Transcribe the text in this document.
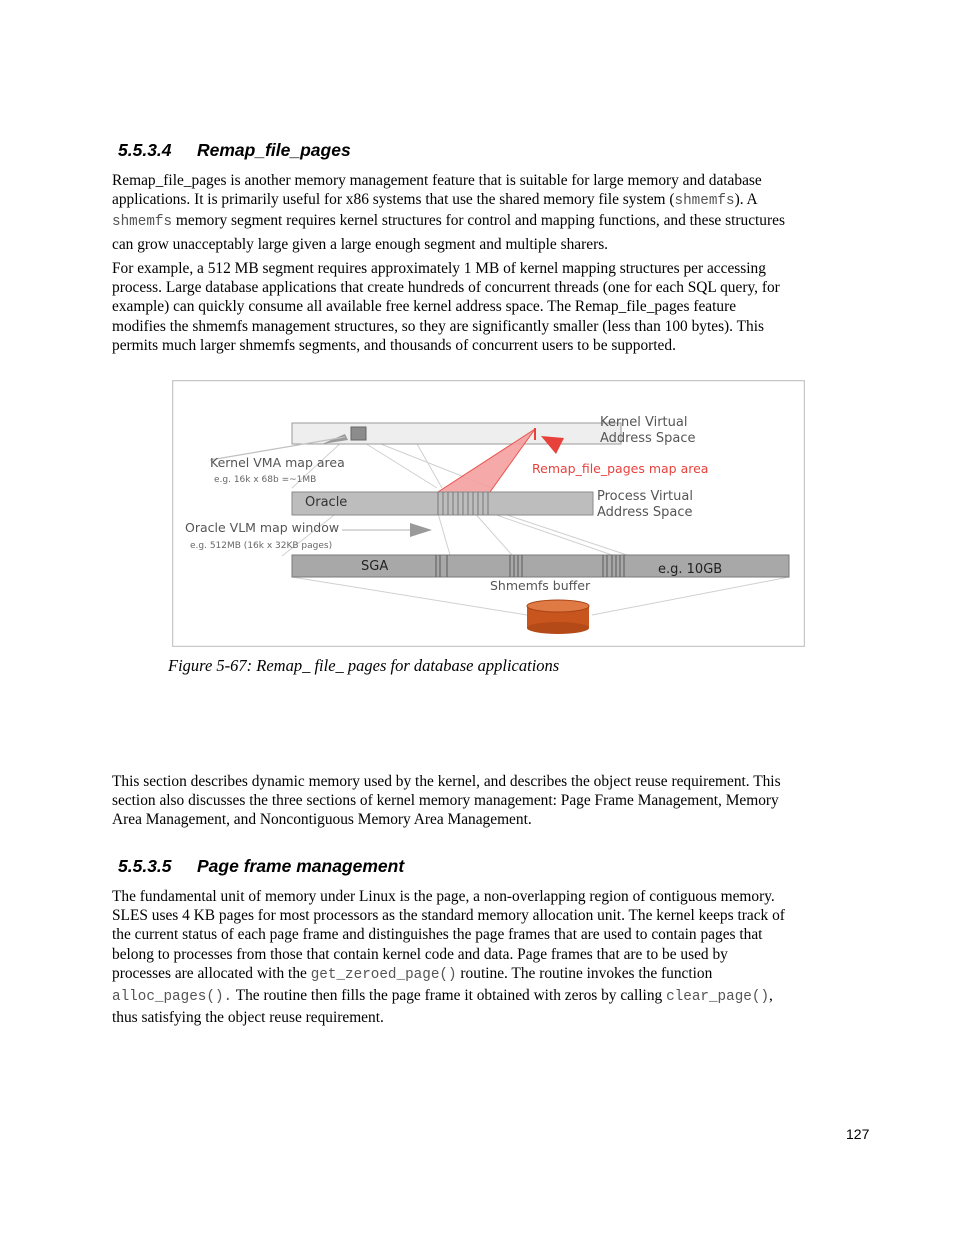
5.5.3.4 Remap_file_pages

Remap_file_pages is another memory management feature that is suitable for large memory and database
applications. It is primarily useful for x86 systems that use the shared memory file system (shmemfs). A
shmemfs memory segment requires kernel structures for control and mapping functions, and these structures
can grow unacceptably large given a large enough segment and multiple sharers.

For example, a 512 MB segment requires approximately 1 MB of kernel mapping structures per accessing
process. Large database applications that create hundreds of concurrent threads (one for each SQL query, for
example) can quickly consume all available free kernel address space. The Remap_file_pages feature
modifies the shmemfs management structures, so they are significantly smaller (less than 100 bytes). This
permits much larger shmemfs segments, and thousands of concurrent users to be supported.

Kernel Virtual
Address Space
Kernel VMA map area
e.g. 16k x 68b =~1MB
Remap_file_pages map area
Oracle	Process Virtual
Address Space
Oracle VLM map window
e.g. 512MB (16k x 32KB pages)
SGA	e.g. 10GB
Shmemfs buffer

Figure 5-67: Remap_ file_ pages for database applications

This section describes dynamic memory used by the kernel, and describes the object reuse requirement. This
section also discusses the three sections of kernel memory management: Page Frame Management, Memory
Area Management, and Noncontiguous Memory Area Management.

5.5.3.5 Page frame management

The fundamental unit of memory under Linux is the page, a non-overlapping region of contiguous memory.
SLES uses 4 KB pages for most processors as the standard memory allocation unit. The kernel keeps track of
the current status of each page frame and distinguishes the page frames that are used to contain pages that
belong to processes from those that contain kernel code and data. Page frames that are to be used by
processes are allocated with the get_zeroed_page() routine. The routine invokes the function
alloc_pages(). The routine then fills the page frame it obtained with zeros by calling clear_page(),
thus satisfying the object reuse requirement.

127
